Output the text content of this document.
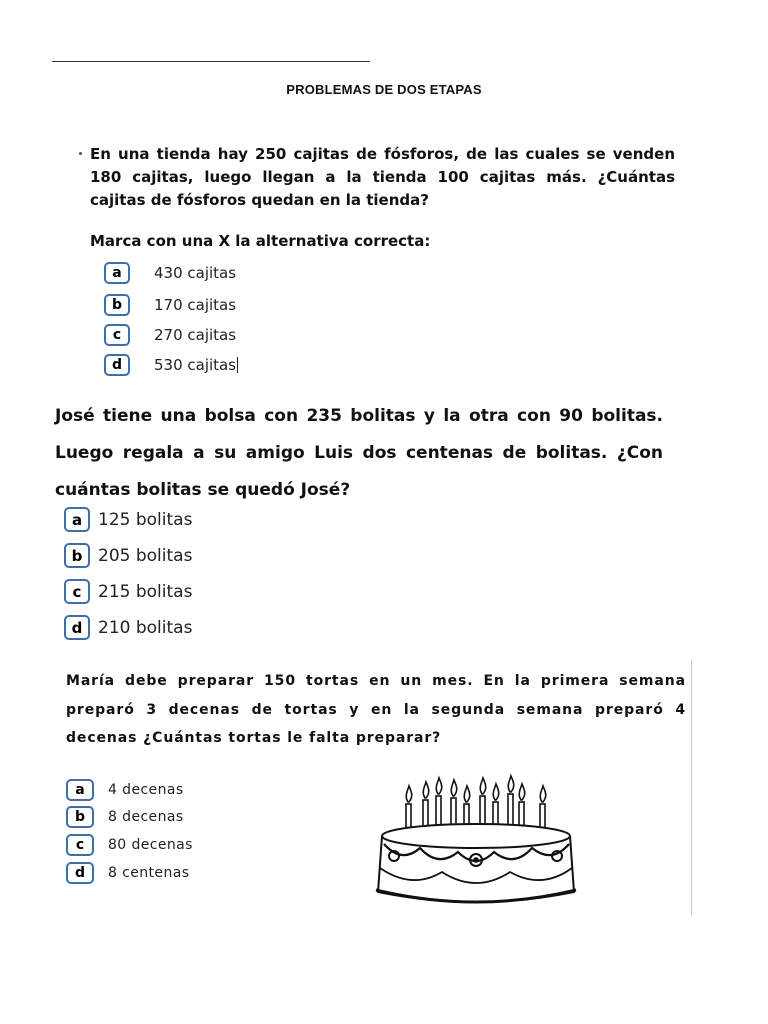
PROBLEMAS DE DOS ETAPAS
En una tienda hay 250 cajitas de fósforos, de las cuales se venden 180 cajitas, luego llegan a la tienda 100 cajitas más. ¿Cuántas cajitas de fósforos quedan en la tienda?
Marca con una X la alternativa correcta:
a	430 cajitas
b	170 cajitas
c	270 cajitas
d	530 cajitas
José tiene una bolsa con 235 bolitas y la otra con 90 bolitas. Luego regala a su amigo Luis dos centenas de bolitas. ¿Con cuántas bolitas se quedó José?
a 125 bolitas
b 205 bolitas
c 215 bolitas
d 210 bolitas
María debe preparar 150 tortas en un mes. En la primera semana preparó 3 decenas de tortas y en la segunda semana preparó 4 decenas ¿Cuántas tortas le falta preparar?
a	4 decenas
b	8 decenas
c	80 decenas
d	8 centenas
